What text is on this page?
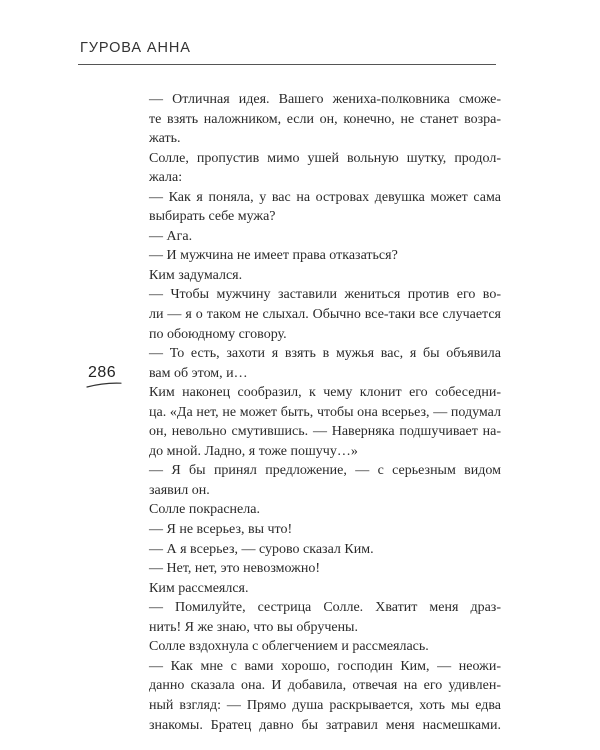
ГУРОВА АННА
286
— Отличная идея. Вашего жениха-полковника сможе-
те взять наложником, если он, конечно, не станет возра-
жать.
Солле, пропустив мимо ушей вольную шутку, продол-
жала:
— Как я поняла, у вас на островах девушка может сама
выбирать себе мужа?
— Ага.
— И мужчина не имеет права отказаться?
Ким задумался.
— Чтобы мужчину заставили жениться против его во-
ли — я о таком не слыхал. Обычно все-таки все случается
по обоюдному сговору.
— То есть, захоти я взять в мужья вас, я бы объявила
вам об этом, и…
Ким наконец сообразил, к чему клонит его собеседни-
ца. «Да нет, не может быть, чтобы она всерьез, — подумал
он, невольно смутившись. — Наверняка подшучивает на-
до мной. Ладно, я тоже пошучу…»
— Я бы принял предложение, — с серьезным видом
заявил он.
Солле покраснела.
— Я не всерьез, вы что!
— А я всерьез, — сурово сказал Ким.
— Нет, нет, это невозможно!
Ким рассмеялся.
— Помилуйте, сестрица Солле. Хватит меня драз-
нить! Я же знаю, что вы обручены.
Солле вздохнула с облегчением и рассмеялась.
— Как мне с вами хорошо, господин Ким, — неожи-
данно сказала она. И добавила, отвечая на его удивлен-
ный взгляд: — Прямо душа раскрывается, хоть мы едва
знакомы. Братец давно бы затравил меня насмешками.
